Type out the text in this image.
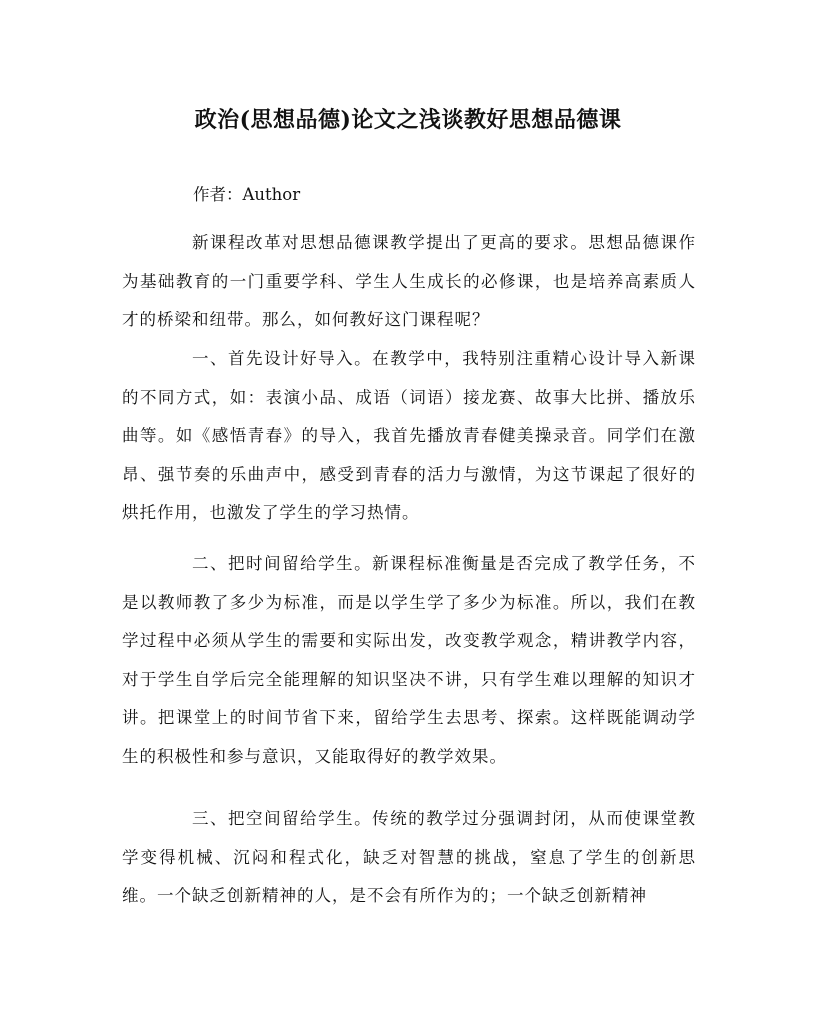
政治(思想品德)论文之浅谈教好思想品德课
作者：Author

新课程改革对思想品德课教学提出了更高的要求。思想品德课作为基础教育的一门重要学科、学生人生成长的必修课，也是培养高素质人才的桥梁和纽带。那么，如何教好这门课程呢？

一、首先设计好导入。在教学中，我特别注重精心设计导入新课的不同方式，如：表演小品、成语（词语）接龙赛、故事大比拼、播放乐曲等。如《感悟青春》的导入，我首先播放青春健美操录音。同学们在激昂、强节奏的乐曲声中，感受到青春的活力与激情，为这节课起了很好的烘托作用，也激发了学生的学习热情。

二、把时间留给学生。新课程标准衡量是否完成了教学任务，不是以教师教了多少为标准，而是以学生学了多少为标准。所以，我们在教学过程中必须从学生的需要和实际出发，改变教学观念，精讲教学内容，对于学生自学后完全能理解的知识坚决不讲，只有学生难以理解的知识才讲。把课堂上的时间节省下来，留给学生去思考、探索。这样既能调动学生的积极性和参与意识，又能取得好的教学效果。

三、把空间留给学生。传统的教学过分强调封闭，从而使课堂教学变得机械、沉闷和程式化，缺乏对智慧的挑战，窒息了学生的创新思维。一个缺乏创新精神的人，是不会有所作为的；一个缺乏创新精神
